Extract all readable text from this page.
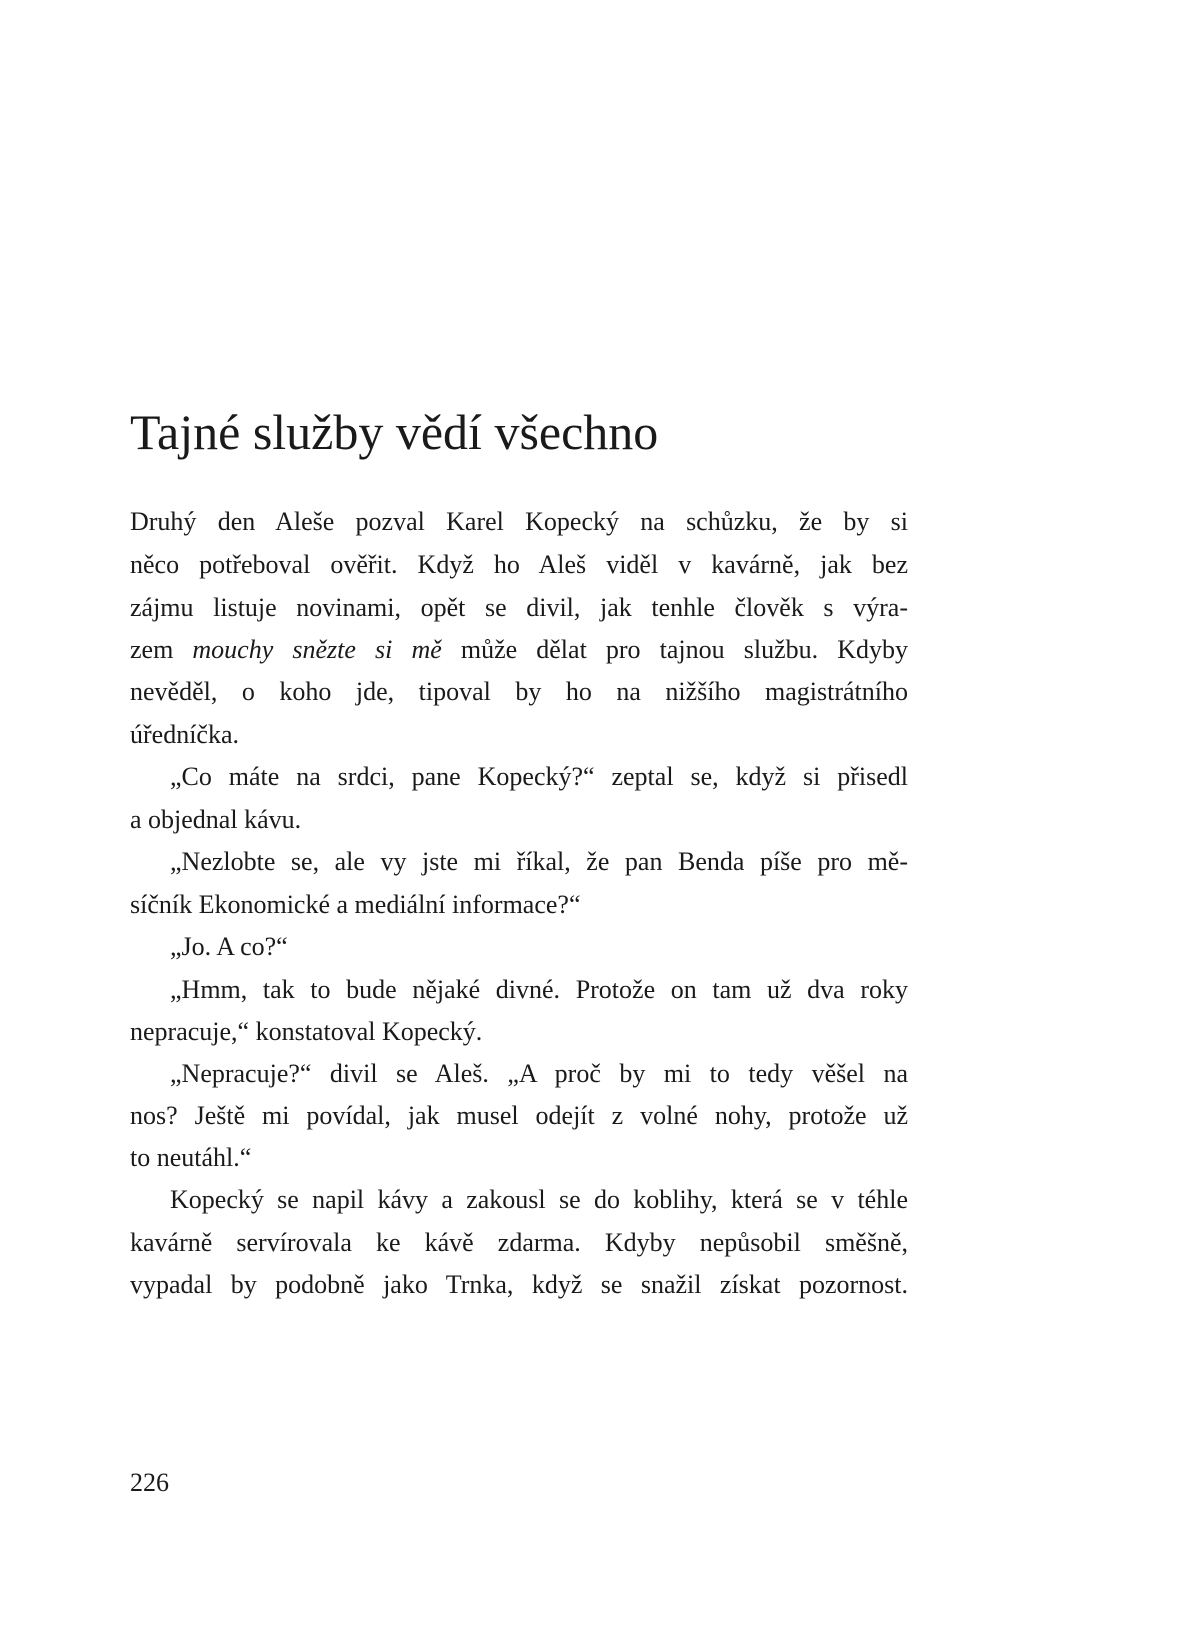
Tajné služby vědí všechno
Druhý den Aleše pozval Karel Kopecký na schůzku, že by si
něco potřeboval ověřit. Když ho Aleš viděl v kavárně, jak bez
zájmu listuje novinami, opět se divil, jak tenhle člověk s výra-
zem mouchy snězte si mě může dělat pro tajnou službu. Kdyby
nevěděl, o koho jde, tipoval by ho na nižšího magistrátního
úředníčka.
„Co máte na srdci, pane Kopecký?“ zeptal se, když si přisedl
a objednal kávu.
„Nezlobte se, ale vy jste mi říkal, že pan Benda píše pro mě-
síčník Ekonomické a mediální informace?“
„Jo. A co?“
„Hmm, tak to bude nějaké divné. Protože on tam už dva roky
nepracuje,“ konstatoval Kopecký.
„Nepracuje?“ divil se Aleš. „A proč by mi to tedy věšel na
nos? Ještě mi povídal, jak musel odejít z volné nohy, protože už
to neutáhl.“
Kopecký se napil kávy a zakousl se do koblihy, která se v téhle
kavárně servírovala ke kávě zdarma. Kdyby nepůsobil směšně,
vypadal by podobně jako Trnka, když se snažil získat pozornost.
226
